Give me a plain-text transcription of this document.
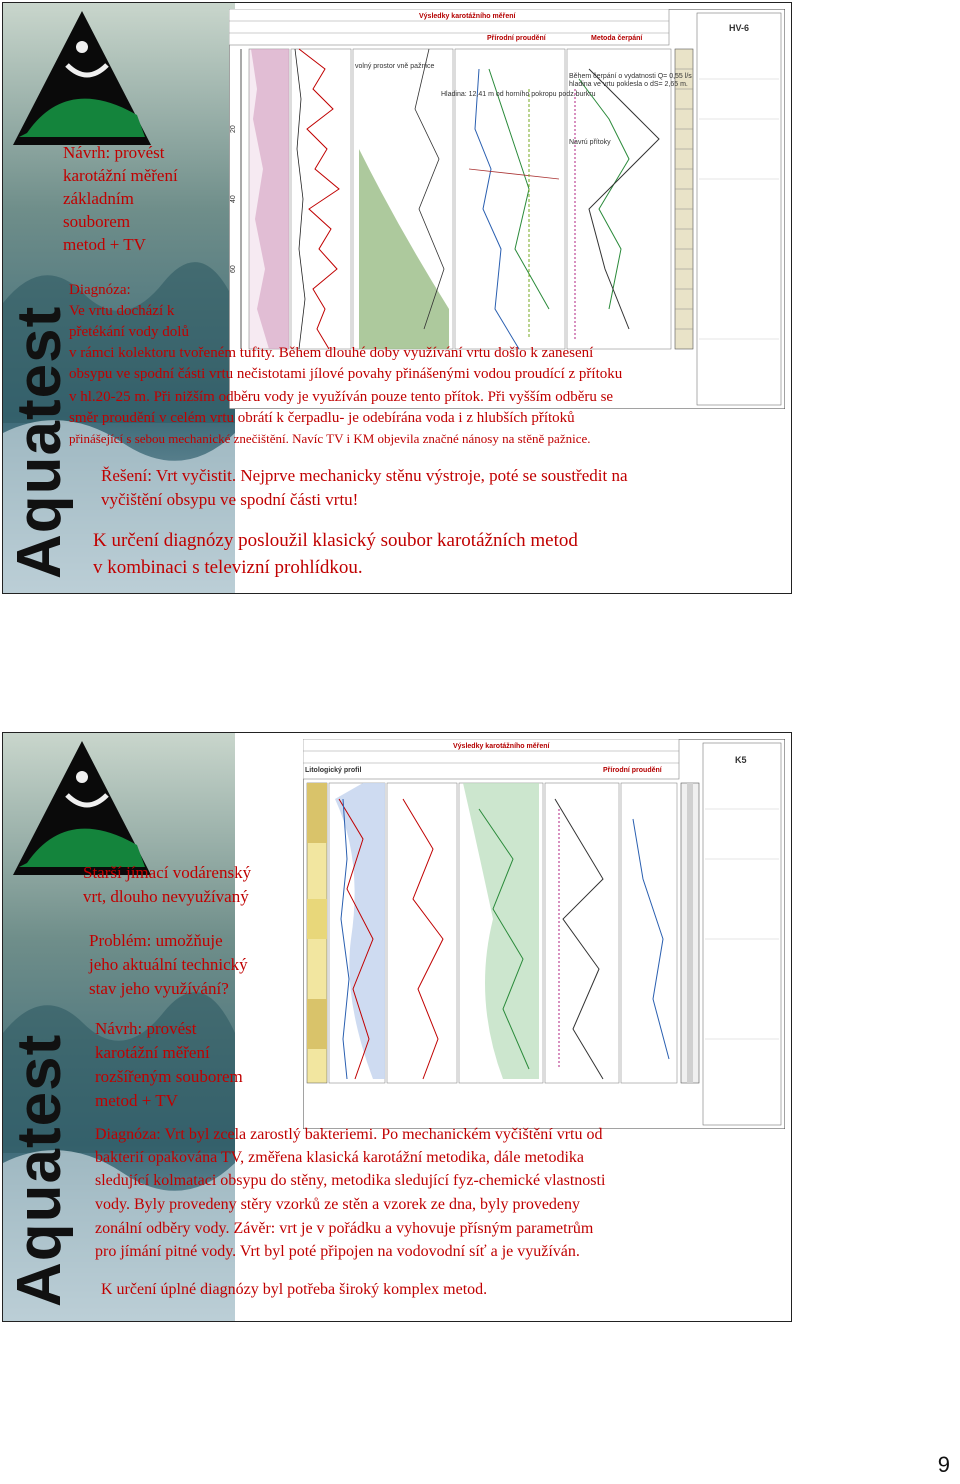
Aquatest
20
40
60
Výsledky karotážního měření
Přírodní proudění	Metoda čerpání
HV-6
volný prostor vně pažnice
Hladina: 12,41 m od horního pokropu podz.burkru
Během čerpání o vydatnosti Q= 0,55 l/s
hladina ve vrtu poklesla o dS= 2,65 m.
Navrú přítoky
Návrh: provést
karotážní měření
základním
souborem
metod + TV
Diagnóza:
Ve vrtu dochází k
přetékání vody dolů
v rámci kolektoru tvořeném tufity. Během dlouhé doby využívání vrtu došlo k zanesení
obsypu ve spodní části vrtu nečistotami jílové povahy přinášenými vodou proudící z přítoku
v hl.20-25 m. Při nižším odběru vody je využíván pouze tento přítok. Při vyšším odběru se
směr proudění v celém vrtu obrátí k čerpadlu- je odebírána voda i z hlubších přítoků
přinášející s sebou mechanické znečištění. Navíc TV i KM objevila značné nánosy na stěně pažnice.
Řešení: Vrt vyčistit. Nejprve mechanicky stěnu výstroje, poté se soustředit na
vyčištění obsypu ve spodní části vrtu!
K určení diagnózy posloužil klasický soubor karotážních metod
v kombinaci s televizní prohlídkou.
Aquatest
Výsledky karotážního měření
Přírodní proudění
Litologický profil
K5
Starší jímací vodárenský
vrt, dlouho nevyužívaný
Problém: umožňuje
jeho aktuální technický
stav jeho využívání?
Návrh: provést
karotážní měření
rozšířeným souborem
metod + TV
Diagnóza: Vrt byl zcela zarostlý bakteriemi. Po mechanickém vyčištění vrtu od
bakterií opakována TV, změřena klasická karotážní metodika, dále metodika
sledující kolmataci obsypu do stěny, metodika sledující fyz-chemické vlastnosti
vody. Byly provedeny stěry vzorků ze stěn a vzorek ze dna, byly provedeny
zonální odběry vody. Závěr: vrt je v pořádku a vyhovuje přísným parametrům
pro jímání pitné vody. Vrt byl poté připojen na vodovodní síť a je využíván.
K určení úplné diagnózy byl potřeba široký komplex metod.
9
